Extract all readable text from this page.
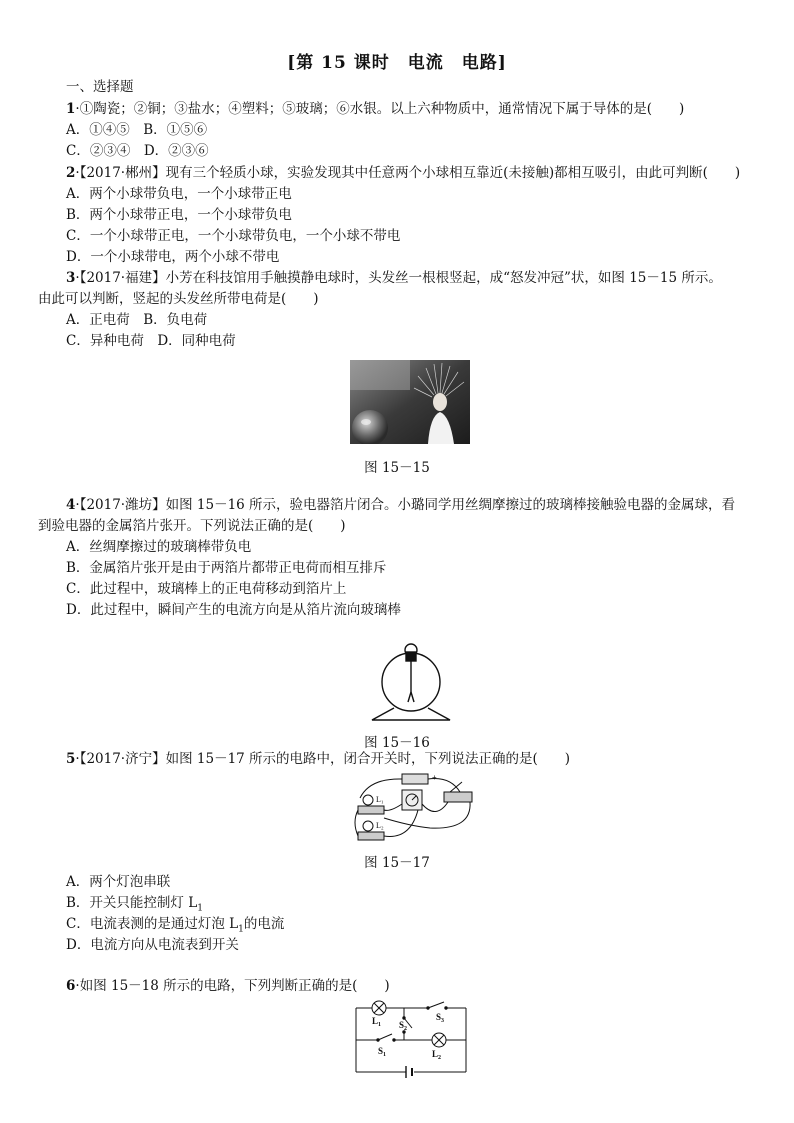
[第 15 课时　电流　电路]
一、选择题
1·①陶瓷；②铜；③盐水；④塑料；⑤玻璃；⑥水银。以上六种物质中，通常情况下属于导体的是(　　)
A．①④⑤　B．①⑤⑥
C．②③④　D．②③⑥
2·【2017·郴州】现有三个轻质小球，实验发现其中任意两个小球相互靠近(未接触)都相互吸引，由此可判断(　　)
A．两个小球带负电，一个小球带正电
B．两个小球带正电，一个小球带负电
C．一个小球带正电，一个小球带负电，一个小球不带电
D．一个小球带电，两个小球不带电
3·【2017·福建】小芳在科技馆用手触摸静电球时，头发丝一根根竖起，成“怒发冲冠”状，如图 15－15 所示。
由此可以判断，竖起的头发丝所带电荷是(　　)
A．正电荷　B．负电荷
C．异种电荷　D．同种电荷
图 15－15
4·【2017·潍坊】如图 15－16 所示，验电器箔片闭合。小璐同学用丝绸摩擦过的玻璃棒接触验电器的金属球，看
到验电器的金属箔片张开。下列说法正确的是(　　)
A．丝绸摩擦过的玻璃棒带负电
B．金属箔片张开是由于两箔片都带正电荷而相互排斥
C．此过程中，玻璃棒上的正电荷移动到箔片上
D．此过程中，瞬间产生的电流方向是从箔片流向玻璃棒
图 15－16
5·【2017·济宁】如图 15－17 所示的电路中，闭合开关时，下列说法正确的是(　　)
+
L₁
L₂
图 15－17
A．两个灯泡串联
B．开关只能控制灯 $L_1$
C．电流表测的是通过灯泡 $L_1$的电流
D．电流方向从电流表到开关
6·如图 15－18 所示的电路，下列判断正确的是(　　)
$L_1$ $S_2$
$S_3$
$S_1$	$L_2$
